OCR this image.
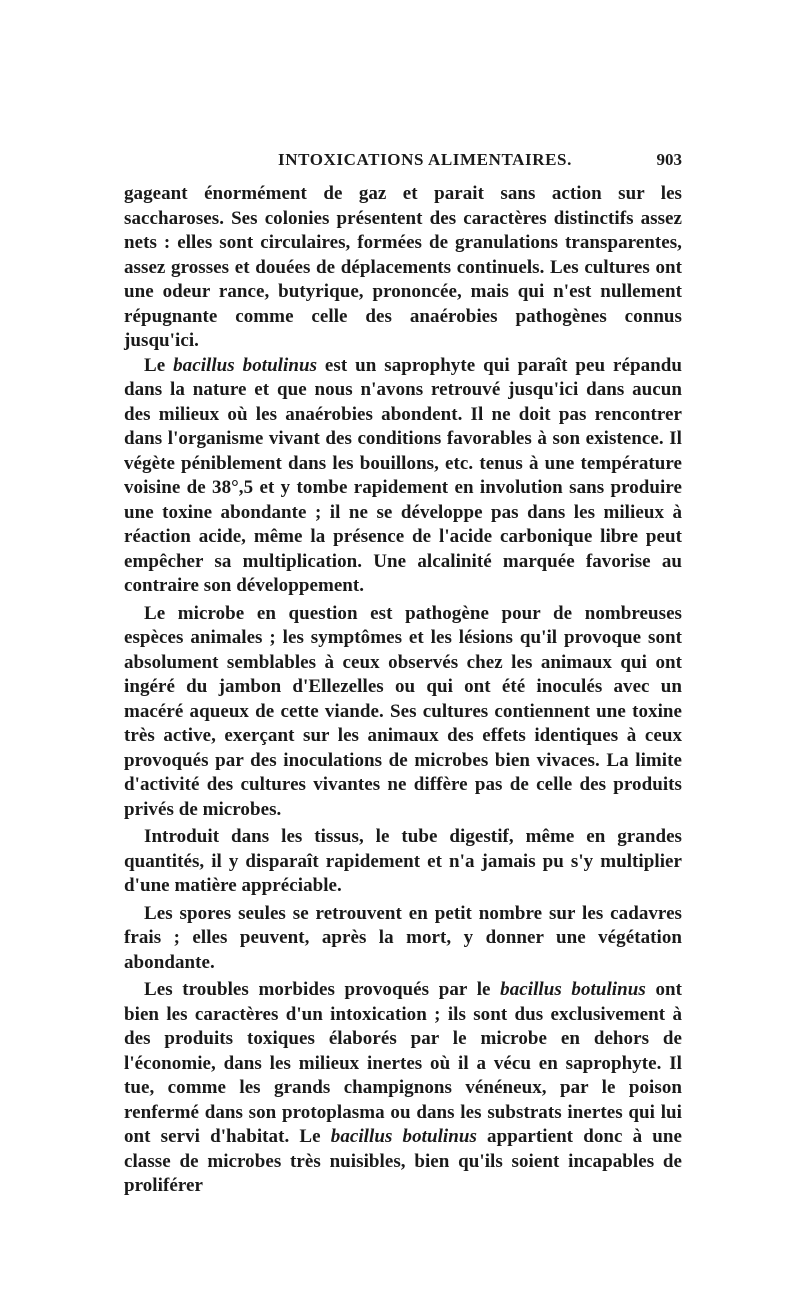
INTOXICATIONS ALIMENTAIRES.	903

gageant énormément de gaz et parait sans action sur les saccharoses. Ses colonies présentent des caractères distinctifs assez nets : elles sont circulaires, formées de granulations transparentes, assez grosses et douées de déplacements continuels. Les cultures ont une odeur rance, butyrique, prononcée, mais qui n'est nullement répugnante comme celle des anaérobies pathogènes connus jusqu'ici.

Le bacillus botulinus est un saprophyte qui paraît peu répandu dans la nature et que nous n'avons retrouvé jusqu'ici dans aucun des milieux où les anaérobies abondent. Il ne doit pas rencontrer dans l'organisme vivant des conditions favorables à son existence. Il végète péniblement dans les bouillons, etc. tenus à une température voisine de 38°,5 et y tombe rapidement en involution sans produire une toxine abondante ; il ne se développe pas dans les milieux à réaction acide, même la présence de l'acide carbonique libre peut empêcher sa multiplication. Une alcalinité marquée favorise au contraire son développement.

Le microbe en question est pathogène pour de nombreuses espèces animales ; les symptômes et les lésions qu'il provoque sont absolument semblables à ceux observés chez les animaux qui ont ingéré du jambon d'Ellezelles ou qui ont été inoculés avec un macéré aqueux de cette viande. Ses cultures contiennent une toxine très active, exerçant sur les animaux des effets identiques à ceux provoqués par des inoculations de microbes bien vivaces. La limite d'activité des cultures vivantes ne diffère pas de celle des produits privés de microbes.

Introduit dans les tissus, le tube digestif, même en grandes quantités, il y disparaît rapidement et n'a jamais pu s'y multiplier d'une matière appréciable.

Les spores seules se retrouvent en petit nombre sur les cadavres frais ; elles peuvent, après la mort, y donner une végétation abondante.

Les troubles morbides provoqués par le bacillus botulinus ont bien les caractères d'un intoxication ; ils sont dus exclusivement à des produits toxiques élaborés par le microbe en dehors de l'économie, dans les milieux inertes où il a vécu en saprophyte. Il tue, comme les grands champignons vénéneux, par le poison renfermé dans son protoplasma ou dans les substrats inertes qui lui ont servi d'habitat. Le bacillus botulinus appartient donc à une classe de microbes très nuisibles, bien qu'ils soient incapables de proliférer
